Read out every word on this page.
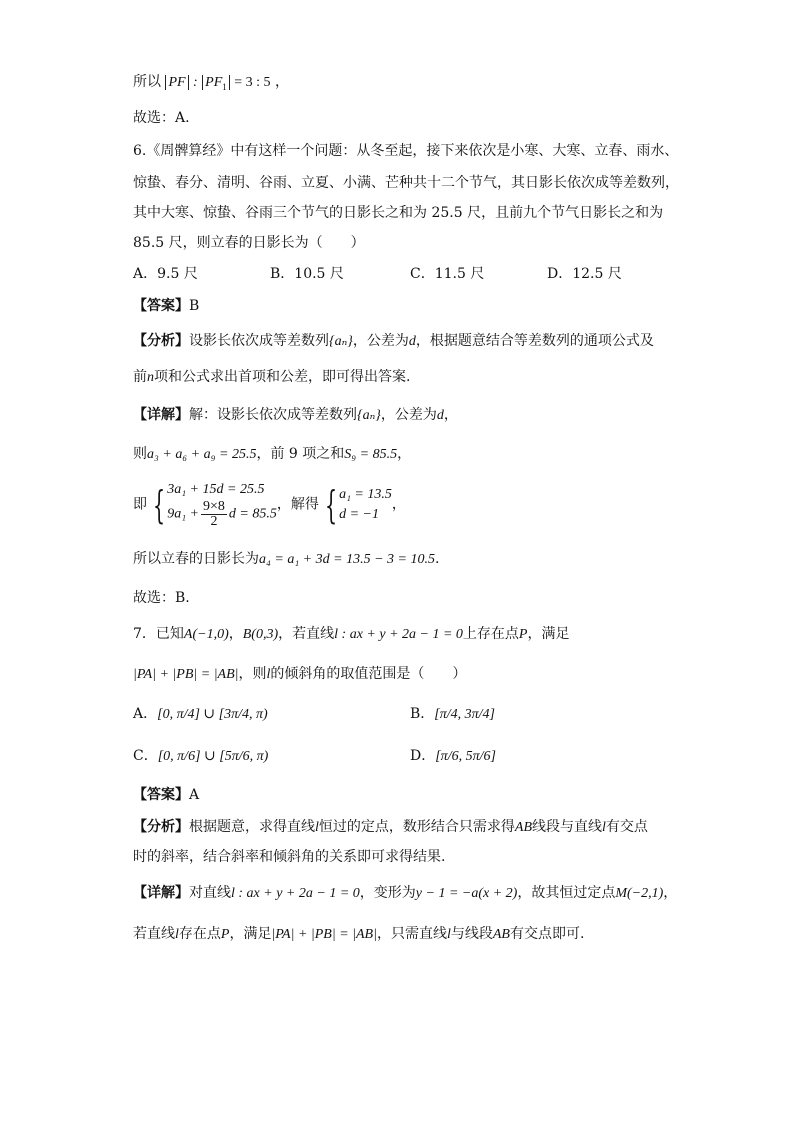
所以 PF : $PF_1 = 3$ : 5 ，
故选：A.
6.《周髀算经》中有这样一个问题：从冬至起，接下来依次是小寒、大寒、立春、雨水、
惊蛰、春分、清明、谷雨、立夏、小满、芒种共十二个节气，其日影长依次成等差数列，
其中大寒、惊蛰、谷雨三个节气的日影长之和为 25.5 尺，且前九个节气日影长之和为
85.5 尺，则立春的日影长为（　　）
A．9.5 尺	B．10.5 尺	C．11.5 尺	D．12.5 尺
【答案】B
【分析】设影长依次成等差数列{aₙ}，公差为d，根据题意结合等差数列的通项公式及
前n项和公式求出首项和公差，即可得出答案.
【详解】解：设影长依次成等差数列{aₙ}，公差为d，
则a₃ + a₆ + a₉ = 25.5，前 9 项之和S₉ = 85.5，
即 { 3a₁ + 15d = 25.5
$9a_1 + \frac{9\times 8}{2}$ d = 85.5
，解得 { a₁ = 13.5
d = −1
，
所以立春的日影长为a₄ = a₁ + 3d = 13.5 − 3 = 10.5.
故选：B.
7．已知A(−1,0)，B(0,3)，若直线l : ax + y + 2a − 1 = 0上存在点P，满足
|PA| + |PB| = |AB|，则l的倾斜角的取值范围是（　　）
A．[0, π/4] ∪ [3π/4, π)	B．[π/4, 3π/4]
C．[0, π/6] ∪ [5π/6, π)	D．[π/6, 5π/6]
【答案】A
【分析】根据题意，求得直线l恒过的定点，数形结合只需求得AB线段与直线l有交点
时的斜率，结合斜率和倾斜角的关系即可求得结果.
【详解】对直线l : ax + y + 2a − 1 = 0，变形为y − 1 = −a(x + 2)，故其恒过定点M(−2,1)，
若直线l存在点P，满足|PA| + |PB| = |AB|，只需直线l与线段AB有交点即可.
